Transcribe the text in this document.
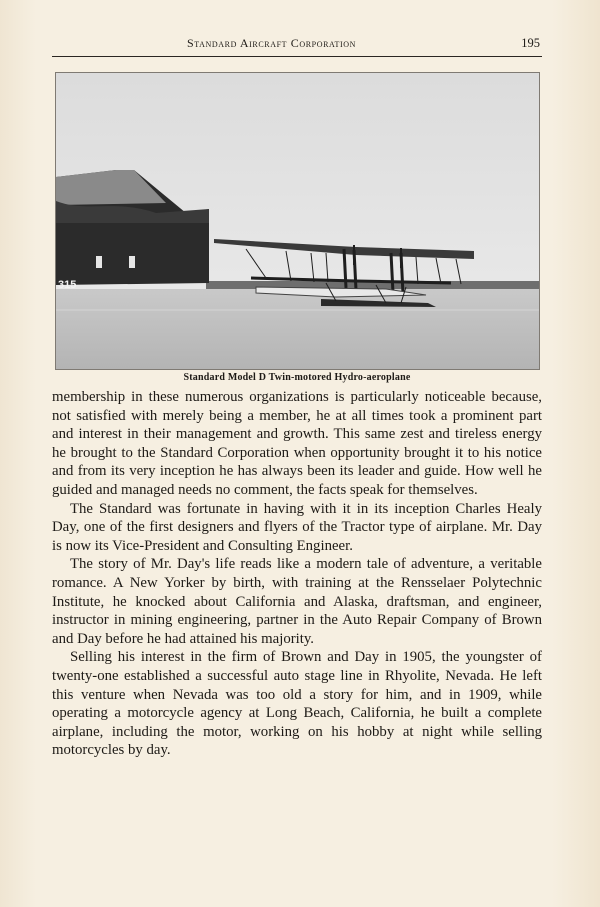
Standard Aircraft Corporation	195
315
Standard Model D Twin-motored Hydro-aeroplane

membership in these numerous organizations is particularly noticeable because, not satisfied with merely being a member, he at all times took a prominent part and interest in their management and growth. This same zest and tireless energy he brought to the Standard Corporation when opportunity brought it to his notice and from its very inception he has always been its leader and guide. How well he guided and managed needs no comment, the facts speak for themselves.

The Standard was fortunate in having with it in its inception Charles Healy Day, one of the first designers and flyers of the Tractor type of airplane. Mr. Day is now its Vice-President and Consulting Engineer.

The story of Mr. Day's life reads like a modern tale of adventure, a veritable romance. A New Yorker by birth, with training at the Rensselaer Polytechnic Institute, he knocked about California and Alaska, draftsman, and engineer, instructor in mining engineering, partner in the Auto Repair Company of Brown and Day before he had attained his majority.

Selling his interest in the firm of Brown and Day in 1905, the youngster of twenty-one established a successful auto stage line in Rhyolite, Nevada. He left this venture when Nevada was too old a story for him, and in 1909, while operating a motorcycle agency at Long Beach, California, he built a complete airplane, including the motor, working on his hobby at night while selling motorcycles by day.
